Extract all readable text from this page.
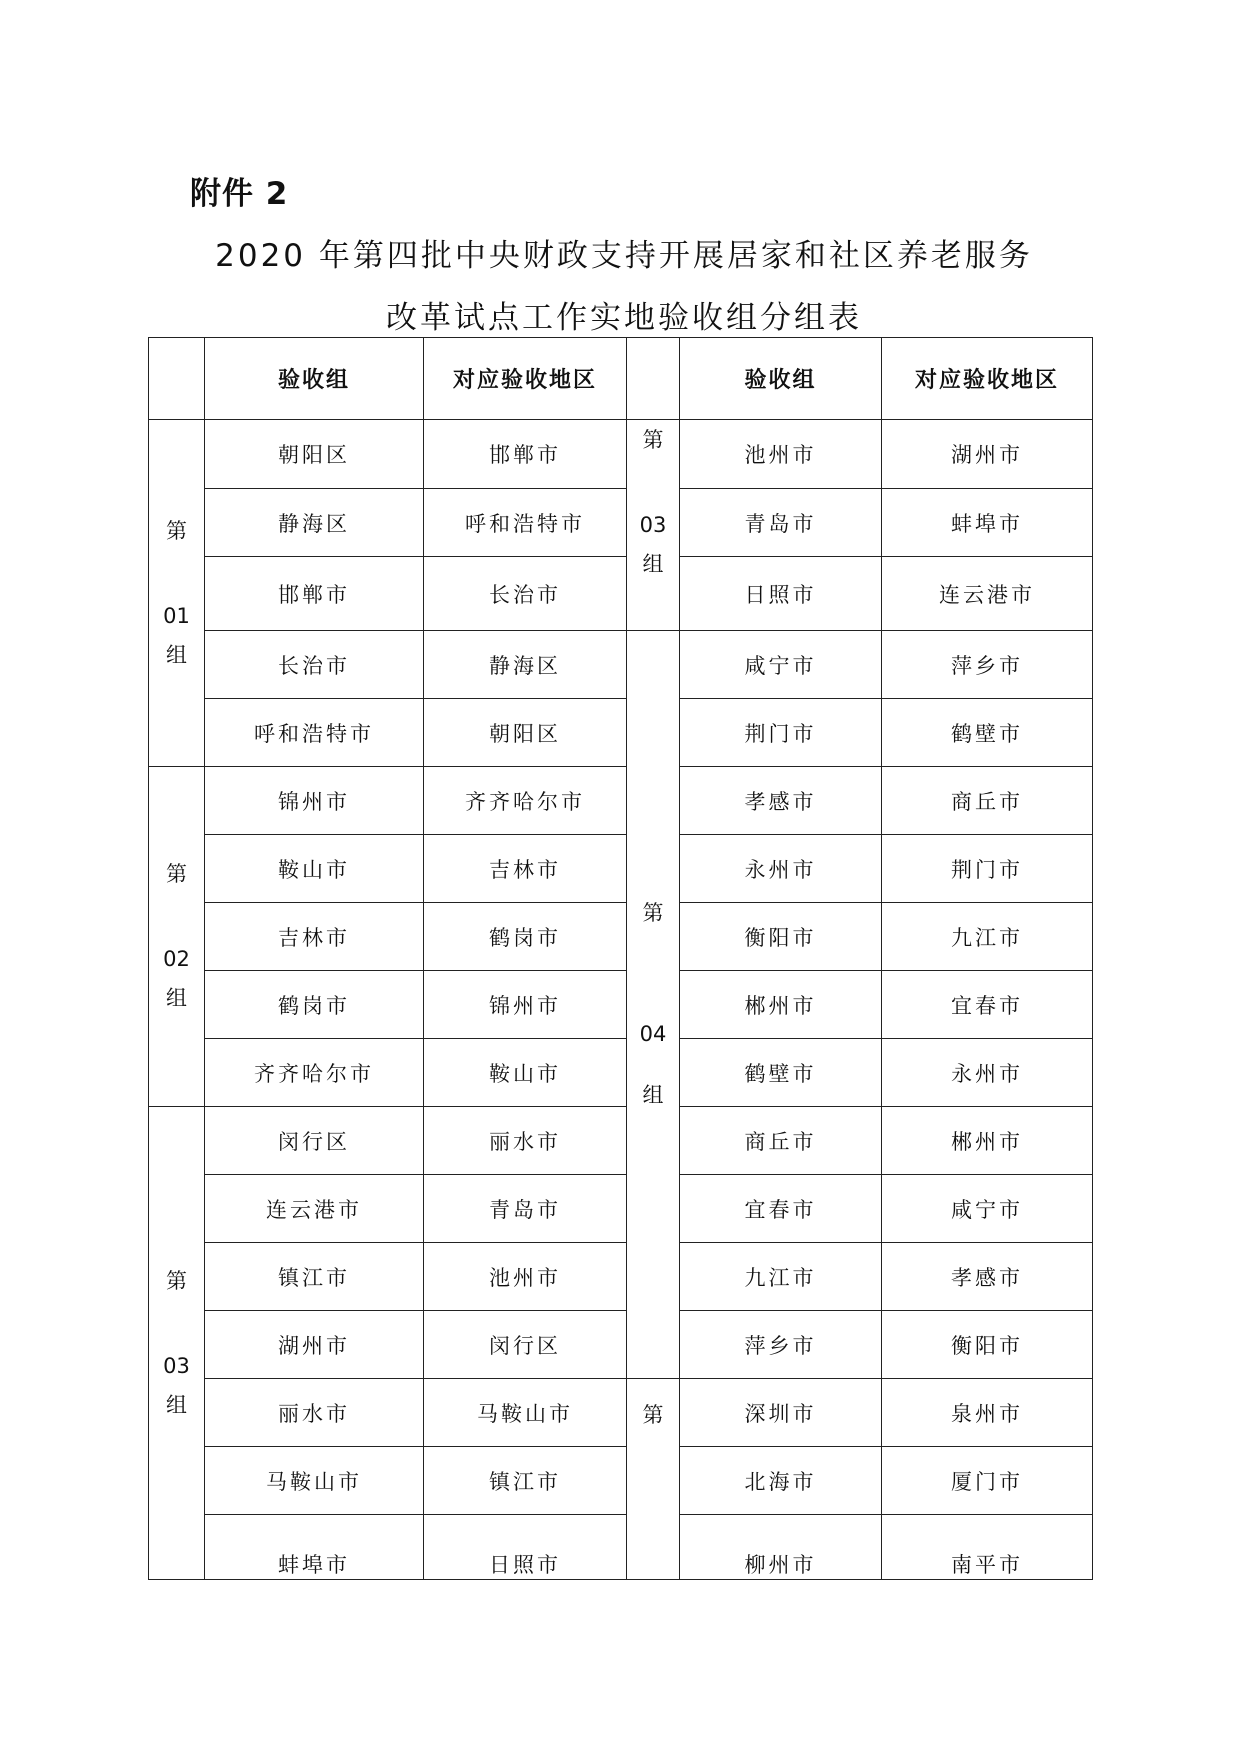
附件 2
2020 年第四批中央财政支持开展居家和社区养老服务
改革试点工作实地验收组分组表
	验收组	对应验收地区		验收组	对应验收地区

第
01
组	朝阳区	邯郸市	第
03
组	池州市	湖州市
	静海区	呼和浩特市		青岛市	蚌埠市
	邯郸市	长治市		日照市	连云港市
	长治市	静海区	第
04
组	咸宁市	萍乡市
	呼和浩特市	朝阳区		荆门市	鹤壁市

第
02
组	锦州市	齐齐哈尔市		孝感市	商丘市
	鞍山市	吉林市		永州市	荆门市
	吉林市	鹤岗市		衡阳市	九江市
	鹤岗市	锦州市		郴州市	宜春市
	齐齐哈尔市	鞍山市		鹤壁市	永州市

第
03
组	闵行区	丽水市		商丘市	郴州市
	连云港市	青岛市		宜春市	咸宁市
	镇江市	池州市		九江市	孝感市
	湖州市	闵行区		萍乡市	衡阳市
	丽水市	马鞍山市	第	深圳市	泉州市
	马鞍山市	镇江市		北海市	厦门市
	蚌埠市	日照市		柳州市	南平市
